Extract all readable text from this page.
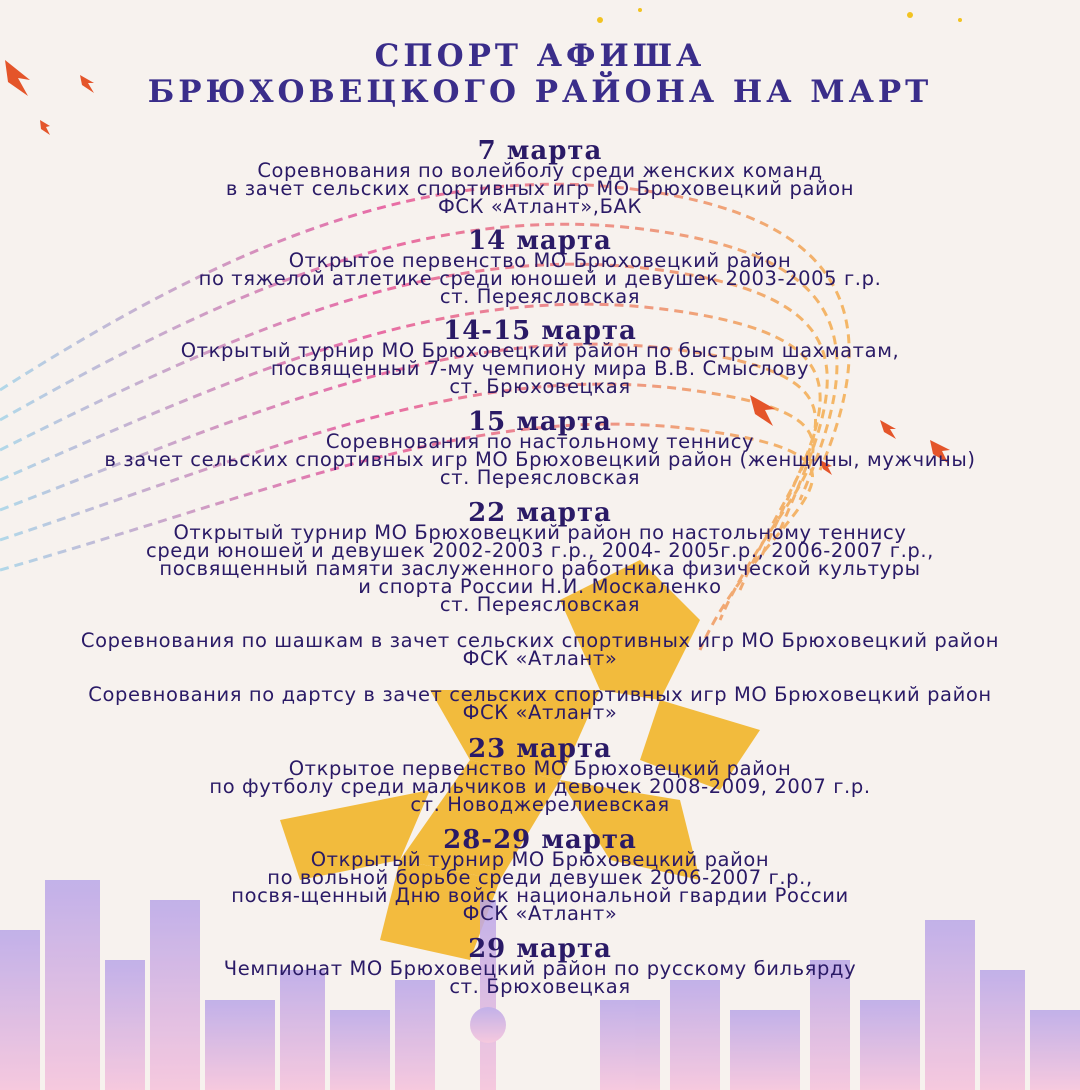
СПОРТ АФИША
БРЮХОВЕЦКОГО РАЙОНА НА МАРТ
7 марта
Соревнования по волейболу среди женских команд
в зачет сельских спортивных игр МО Брюховецкий район
ФСК «Атлант»,БАК
14 марта
Открытое первенство МО Брюховецкий район
по тяжелой атлетике среди юношей и девушек 2003-2005 г.р.
ст. Переясловская
14-15 марта
Открытый турнир МО Брюховецкий район по быстрым шахматам,
посвященный 7-му чемпиону мира В.В. Смыслову
ст. Брюховецкая
15 марта
Соревнования по настольному теннису
в зачет сельских спортивных игр МО Брюховецкий район (женщины, мужчины)
ст. Переясловская
22 марта
Открытый турнир МО Брюховецкий район по настольному теннису
среди юношей и девушек 2002-2003 г.р., 2004- 2005г.р., 2006-2007 г.р.,
посвященный памяти заслуженного работника физической культуры
и спорта России Н.И. Москаленко
ст. Переясловская
Соревнования по шашкам в зачет сельских спортивных игр МО Брюховецкий район
ФСК «Атлант»
Соревнования по дартсу в зачет сельских спортивных игр МО Брюховецкий район
ФСК «Атлант»
23 марта
Открытое первенство МО Брюховецкий район
по футболу среди мальчиков и девочек 2008-2009, 2007 г.р.
ст. Новоджерелиевская
28-29 марта
Открытый турнир МО Брюховецкий район
по вольной борьбе среди девушек 2006-2007 г.р.,
посвя-щенный Дню войск национальной гвардии России
ФСК «Атлант»
29 марта
Чемпионат МО Брюховецкий район по русскому бильярду
ст. Брюховецкая
